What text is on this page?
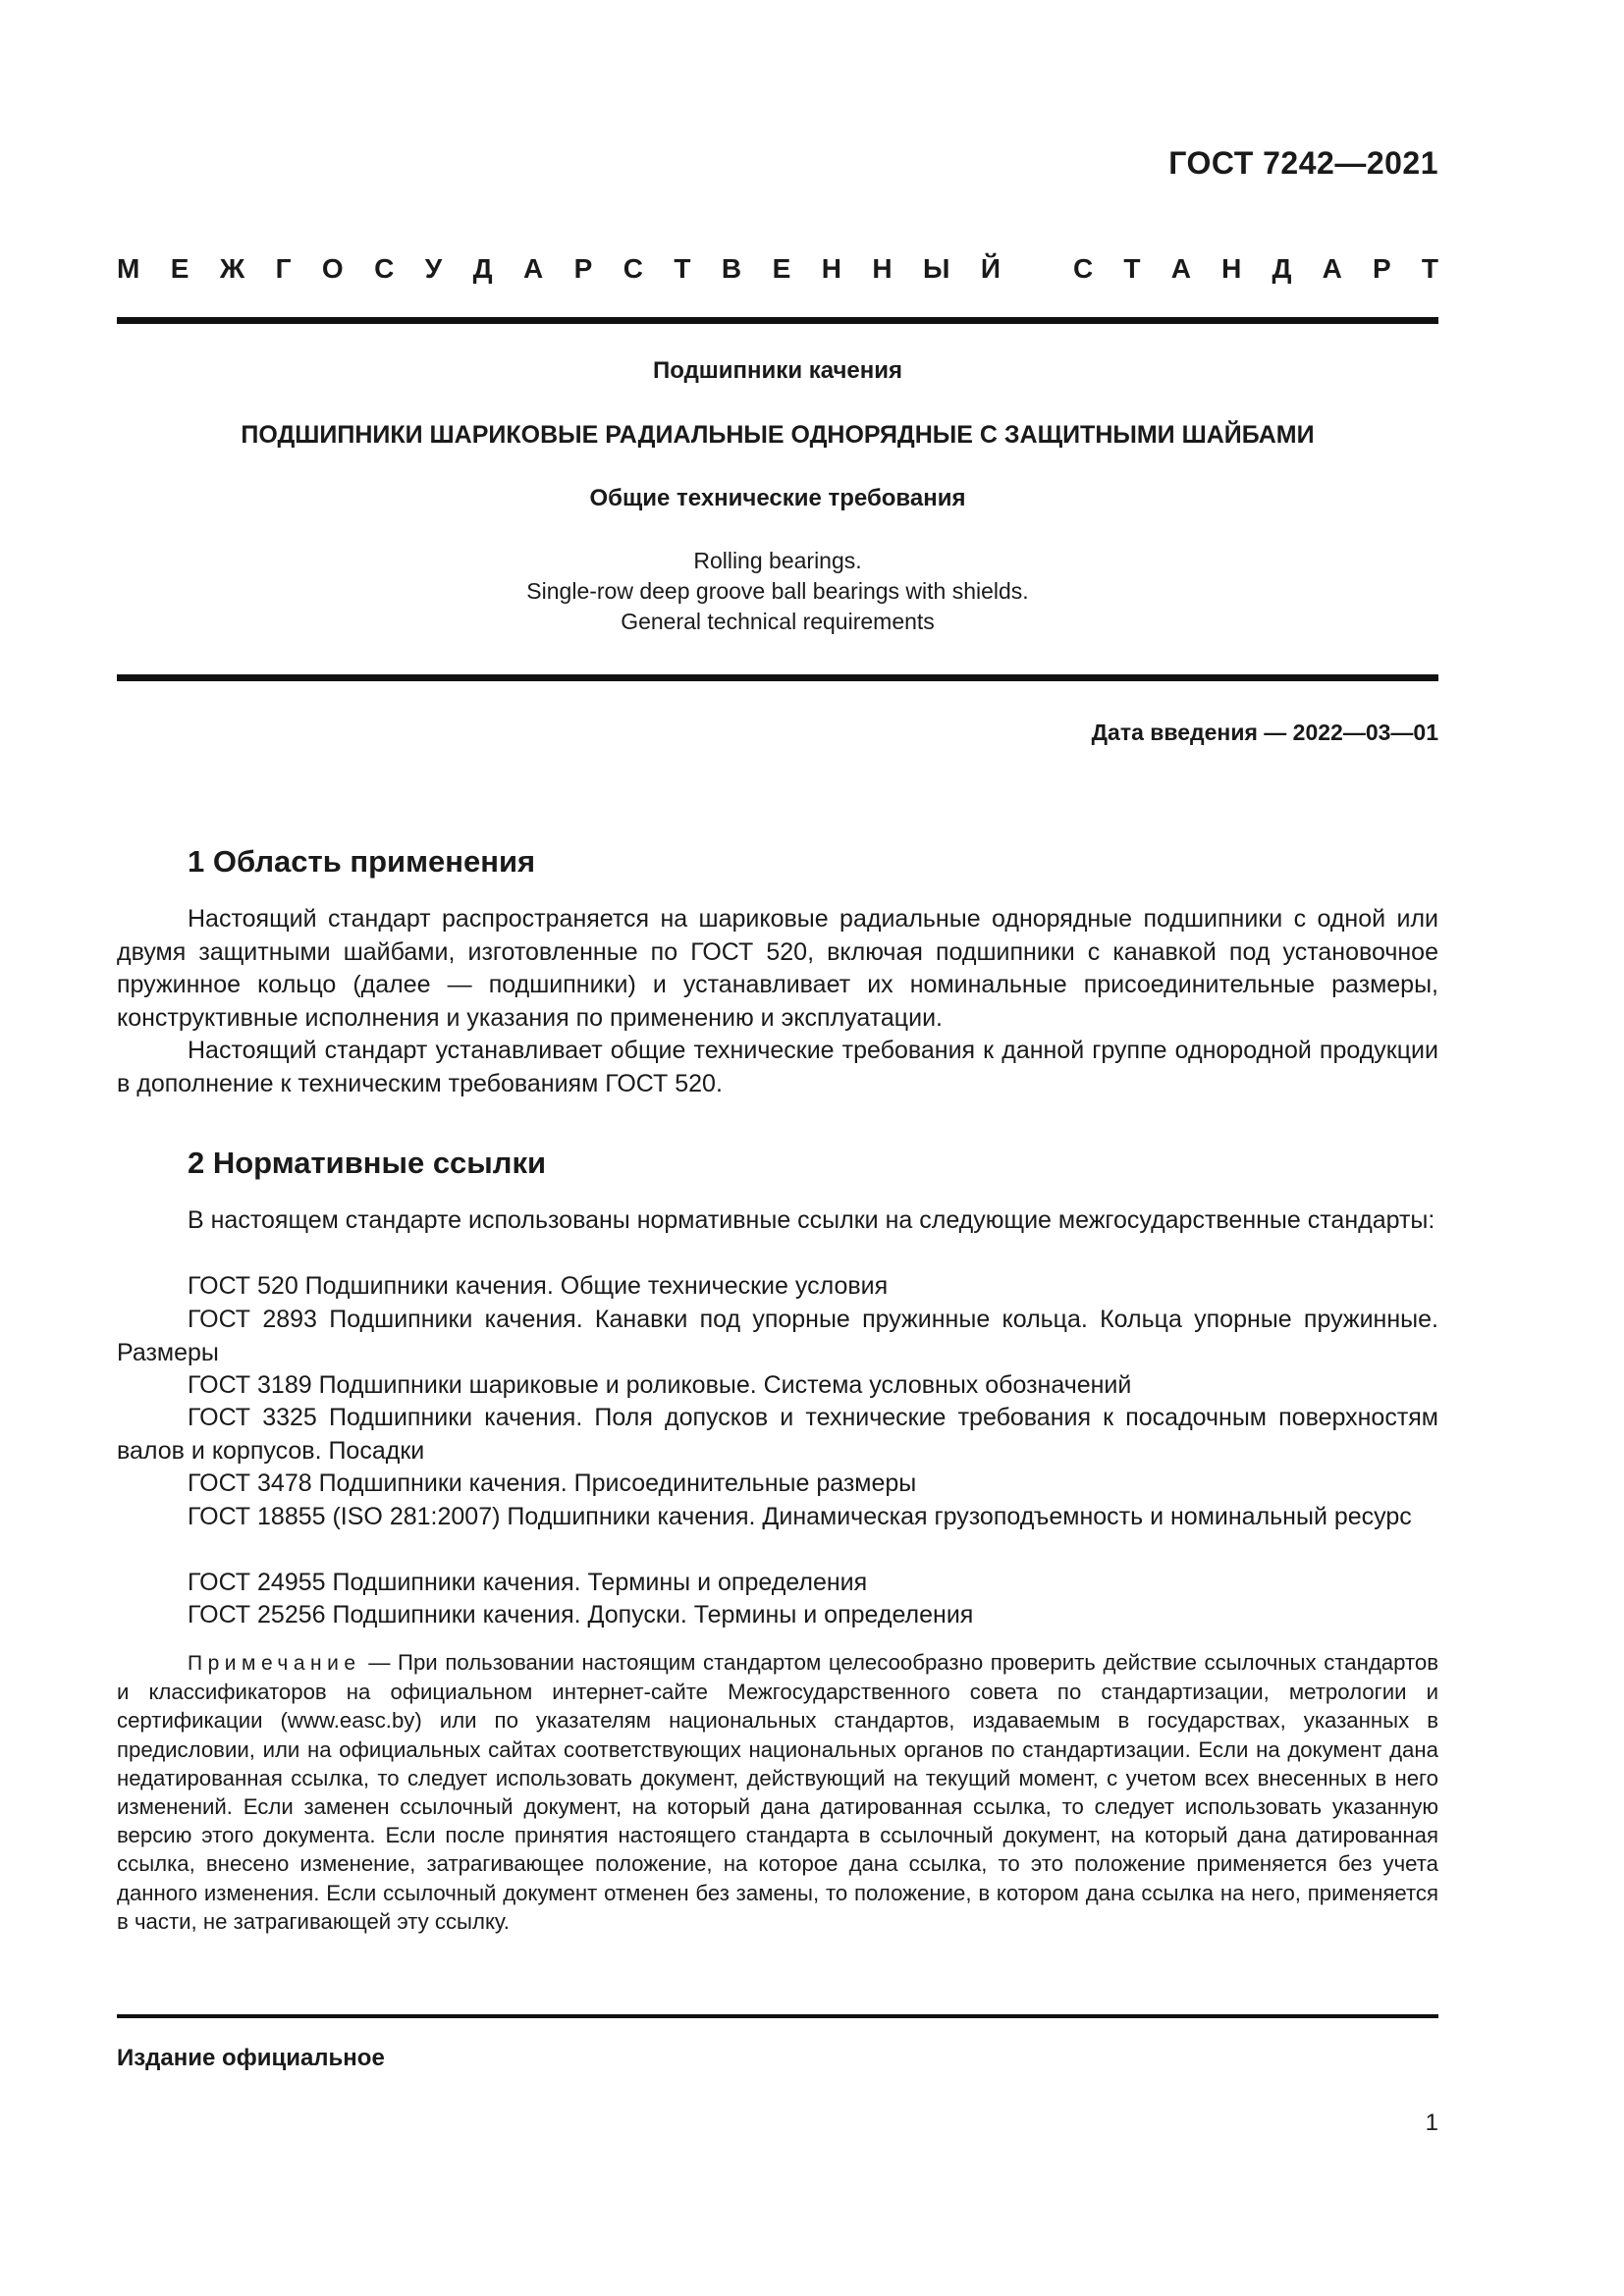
ГОСТ 7242—2021
М Е Ж Г О С У Д А Р С Т В Е Н Н Ы Й	С Т А Н Д А Р Т
Подшипники качения
ПОДШИПНИКИ ШАРИКОВЫЕ РАДИАЛЬНЫЕ ОДНОРЯДНЫЕ С ЗАЩИТНЫМИ ШАЙБАМИ
Общие технические требования
Rolling bearings.
Single-row deep groove ball bearings with shields.
General technical requirements
Дата введения — 2022—03—01
1 Область применения

Настоящий стандарт распространяется на шариковые радиальные однорядные подшипники с одной или двумя защитными шайбами, изготовленные по ГОСТ 520, включая подшипники с канавкой под установочное пружинное кольцо (далее — подшипники) и устанавливает их номинальные присоединительные размеры, конструктивные исполнения и указания по применению и эксплуатации.

Настоящий стандарт устанавливает общие технические требования к данной группе однородной продукции в дополнение к техническим требованиям ГОСТ 520.

2 Нормативные ссылки

В настоящем стандарте использованы нормативные ссылки на следующие межгосударственные стандарты:

ГОСТ 520 Подшипники качения. Общие технические условия

ГОСТ 2893 Подшипники качения. Канавки под упорные пружинные кольца. Кольца упорные пружинные. Размеры

ГОСТ 3189 Подшипники шариковые и роликовые. Система условных обозначений

ГОСТ 3325 Подшипники качения. Поля допусков и технические требования к посадочным поверхностям валов и корпусов. Посадки

ГОСТ 3478 Подшипники качения. Присоединительные размеры

ГОСТ 18855 (ISO 281:2007) Подшипники качения. Динамическая грузоподъемность и номинальный ресурс

ГОСТ 24955 Подшипники качения. Термины и определения

ГОСТ 25256 Подшипники качения. Допуски. Термины и определения

Примечание — При пользовании настоящим стандартом целесообразно проверить действие ссылочных стандартов и классификаторов на официальном интернет-сайте Межгосударственного совета по стандартизации, метрологии и сертификации (www.easc.by) или по указателям национальных стандартов, издаваемым в государствах, указанных в предисловии, или на официальных сайтах соответствующих национальных органов по стандартизации. Если на документ дана недатированная ссылка, то следует использовать документ, действующий на текущий момент, с учетом всех внесенных в него изменений. Если заменен ссылочный документ, на который дана датированная ссылка, то следует использовать указанную версию этого документа. Если после принятия настоящего стандарта в ссылочный документ, на который дана датированная ссылка, внесено изменение, затрагивающее положение, на которое дана ссылка, то это положение применяется без учета данного изменения. Если ссылочный документ отменен без замены, то положение, в котором дана ссылка на него, применяется в части, не затрагивающей эту ссылку.

Издание официальное
1
